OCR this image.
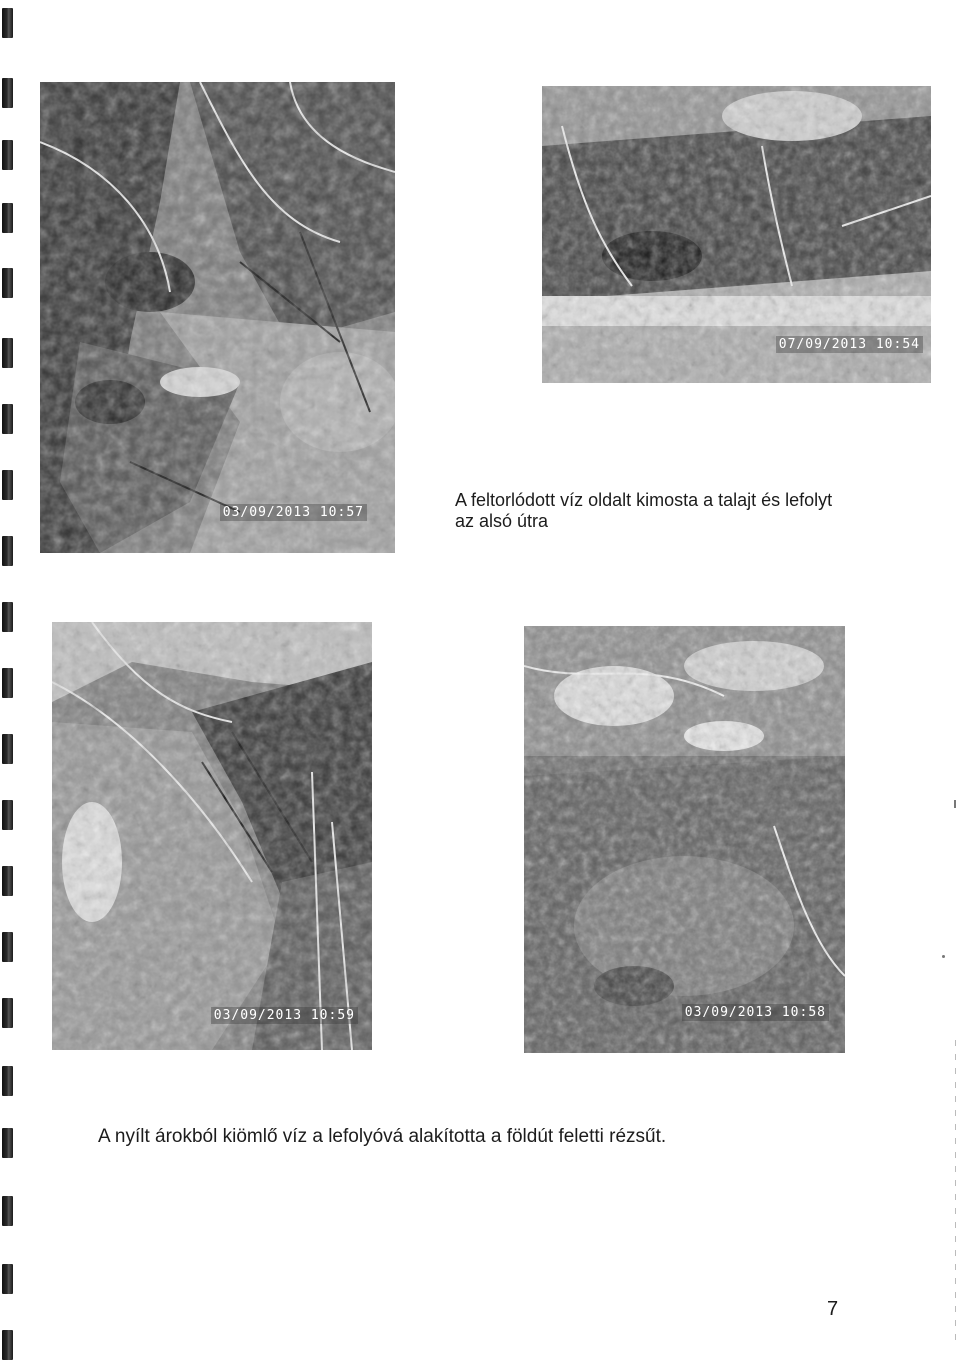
03/09/2013 10:57
07/09/2013 10:54
A feltorlódott víz oldalt kimosta a talajt és lefolyt
az alsó útra
03/09/2013 10:59	03/09/2013 10:58
A nyílt árokból kiömlő víz a lefolyóvá alakította a földút feletti rézsűt.
7
